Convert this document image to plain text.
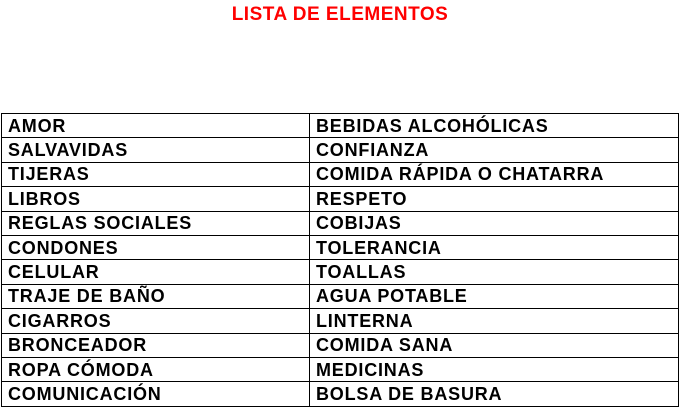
LISTA DE ELEMENTOS
AMOR	BEBIDAS ALCOHÓLICAS
SALVAVIDAS	CONFIANZA
TIJERAS	COMIDA RÁPIDA O CHATARRA
LIBROS	RESPETO
REGLAS SOCIALES	COBIJAS
CONDONES	TOLERANCIA
CELULAR	TOALLAS
TRAJE DE BAÑO	AGUA POTABLE
CIGARROS	LINTERNA
BRONCEADOR	COMIDA SANA
ROPA CÓMODA	MEDICINAS
COMUNICACIÓN	BOLSA DE BASURA
